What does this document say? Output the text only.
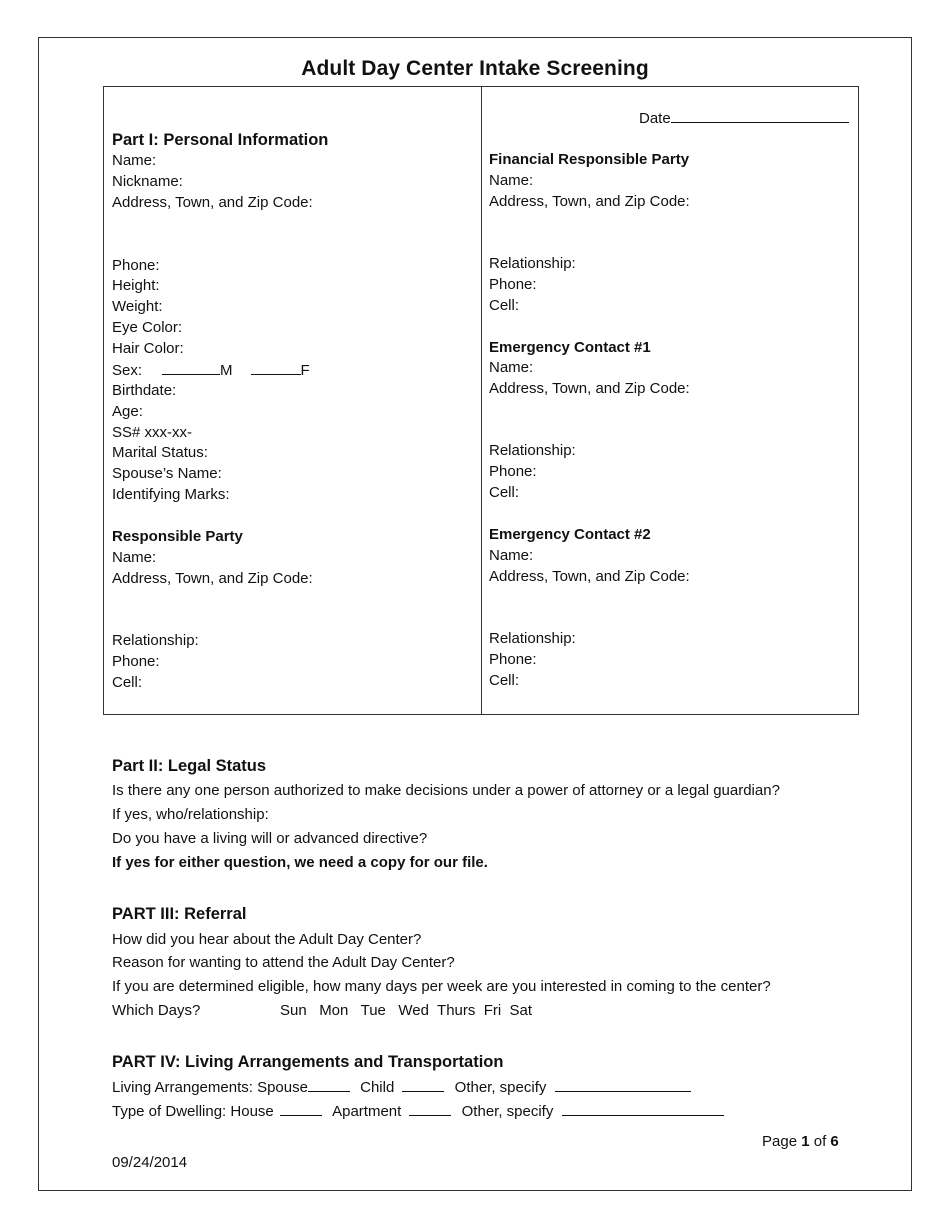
Adult Day Center Intake Screening
Date
Part I: Personal Information
Name:
Nickname:
Address, Town, and Zip Code:
Phone:
Height:
Weight:
Eye Color:
Hair Color:
Sex:	M	F
Birthdate:
Age:
SS# xxx-xx-
Marital Status:
Spouse’s Name:
Identifying Marks:
Responsible Party
Name:
Address, Town, and Zip Code:
Relationship:
Phone:
Cell:
Financial Responsible Party
Name:
Address, Town, and Zip Code:
Relationship:
Phone:
Cell:
Emergency Contact #1
Name:
Address, Town, and Zip Code:
Relationship:
Phone:
Cell:
Emergency Contact #2
Name:
Address, Town, and Zip Code:
Relationship:
Phone:
Cell:
Part II: Legal Status
Is there any one person authorized to make decisions under a power of attorney or a legal guardian?
If yes, who/relationship:
Do you have a living will or advanced directive?
If yes for either question, we need a copy for our file.
PART III: Referral
How did you hear about the Adult Day Center?
Reason for wanting to attend the Adult Day Center?
If you are determined eligible, how many days per week are you interested in coming to the center?
Which Days?	Sun   Mon   Tue   Wed  Thurs  Fri  Sat
PART IV: Living Arrangements and Transportation
Living Arrangements: Spouse	Child	Other, specify
Type of Dwelling: House	Apartment	Other, specify
Page 1 of 6
09/24/2014
